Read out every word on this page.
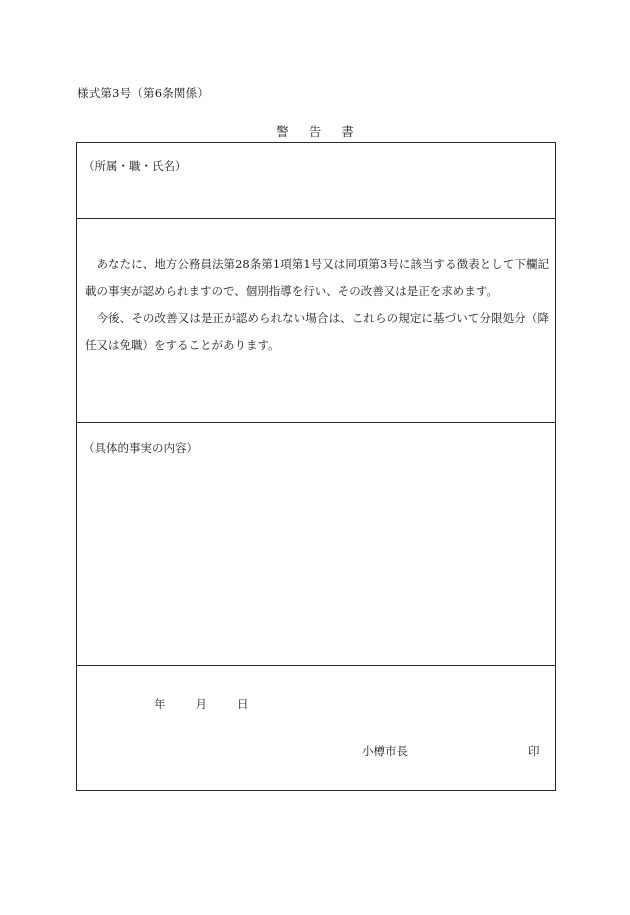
様式第3号（第6条関係）
警 告 書
（所属・職・氏名）

あなたに、地方公務員法第28条第1項第1号又は同項第3号に該当する徴表として下欄記載の事実が認められますので、個別指導を行い、その改善又は是正を求めます。

今後、その改善又は是正が認められない場合は、これらの規定に基づいて分限処分（降任又は免職）をすることがあります。

（具体的事実の内容）
年	月	日
小樽市長	印
